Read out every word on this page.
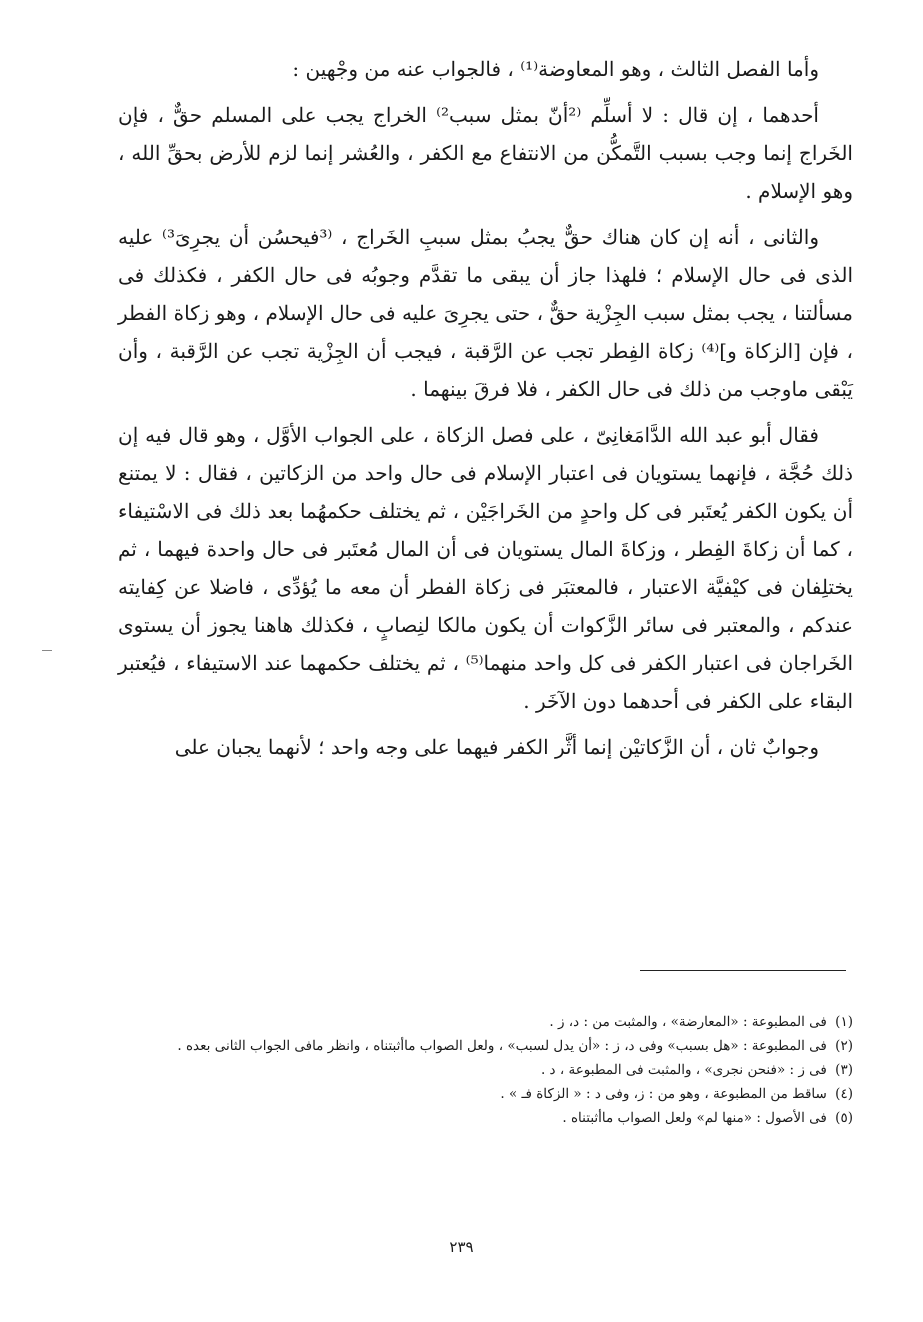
وأما الفصل الثالث ، وهو المعاوضة⁽¹⁾ ، فالجواب عنه من وجْهين :

أحدهما ، إن قال : لا أسلِّم ⁽²أنّ بمثل سبب²⁾ الخراج يجب على المسلم حقٌّ ، فإن الخَراج إنما وجب بسبب التَّمكُّن من الانتفاع مع الكفر ، والعُشر إنما لزم للأرض بحقِّ الله ، وهو الإسلام .

والثانى ، أنه إن كان هناك حقٌّ يجبُ بمثل سببِ الخَراج ، ⁽³فيحسُن أن يجرِىَ³⁾ عليه الذى فى حال الإسلام ؛ فلهذا جاز أن يبقى ما تقدَّم وجوبُه فى حال الكفر ، فكذلك فى مسألتنا ، يجب بمثل سبب الجِزْية حقٌّ ، حتى يجرِىَ عليه فى حال الإسلام ، وهو زكاة الفطر ، فإن [الزكاة و]⁽⁴⁾ زكاة الفِطر تجب عن الرَّقبة ، فيجب أن الجِزْية تجب عن الرَّقبة ، وأن يَبْقى ماوجب من ذلك فى حال الكفر ، فلا فرقَ بينهما .

فقال أبو عبد الله الدَّامَغانِىّ ، على فصل الزكاة ، على الجواب الأوَّل ، وهو قال فيه إن ذلك حُجَّة ، فإنهما يستويان فى اعتبار الإسلام فى حال واحد من الزكاتين ، فقال : لا يمتنع أن يكون الكفر يُعتَبر فى كل واحدٍ من الخَراجَيْن ، ثم يختلف حكمهُما بعد ذلك فى الاسْتيفاء ، كما أن زكاةَ الفِطر ، وزكاةَ المال يستويان فى أن المال مُعتَبر فى حال واحدة فيهما ، ثم يختلِفان فى كيْفيَّة الاعتبار ، فالمعتبَر فى زكاة الفطر أن معه ما يُؤدِّى ، فاضلا عن كِفايته عندكم ، والمعتبر فى سائر الزَّكوات أن يكون مالكا لنِصابٍ ، فكذلك هاهنا يجوز أن يستوى الخَراجان فى اعتبار الكفر فى كل واحد منهما⁽⁵⁾ ، ثم يختلف حكمهما عند الاستيفاء ، فيُعتبر البقاء على الكفر فى أحدهما دون الآخَر .

وجوابٌ ثان ، أن الزَّكاتيْن إنما أثَّر الكفر فيهما على وجه واحد ؛ لأنهما يجبان على

(١) فى المطبوعة : «المعارضة» ، والمثبت من : د، ز .

(٢) فى المطبوعة : «هل بسبب» وفى د، ز : «أن يدل لسبب» ، ولعل الصواب ماأثبتناه ، وانظر مافى الجواب الثانى بعده .

(٣) فى ز : «فنحن نجرى» ، والمثبت فى المطبوعة ، د .

(٤) ساقط من المطبوعة ، وهو من : ز، وفى د : « الزكاة فـ » .

(٥) فى الأصول : «منها لم» ولعل الصواب ماأثبتناه .

٢٣٩
